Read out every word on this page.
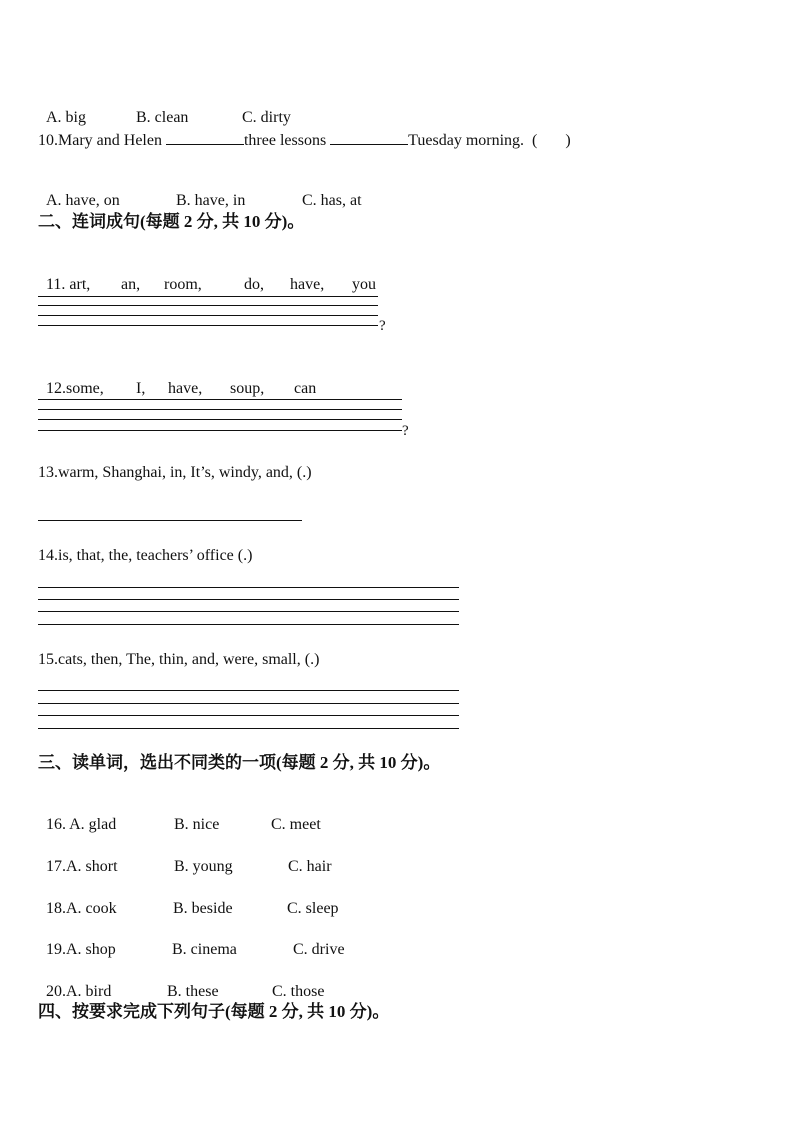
A. big	B. clean	C. dirty

10.Mary and Helen	three lessons	Tuesday morning.  (       )

A. have, on	B. have, in	C. has, at

二、连词成句(每题 2 分, 共 10 分)。

11. art, an, room,	do, have, you

?

12.some, I, have, soup, can

?
13.warm, Shanghai, in, It’s, windy, and, (.)
14.is, that, the, teachers’ office (.)
15.cats, then, The, thin, and, were, small, (.)
三、读单词，选出不同类的一项(每题 2 分, 共 10 分)。

16. A. glad	B. nice	C. meet

17.A. short	B. young	C. hair

18.A. cook	B. beside	C. sleep

19.A. shop	B. cinema	C. drive

20.A. bird	B. these	C. those

四、按要求完成下列句子(每题 2 分, 共 10 分)。
